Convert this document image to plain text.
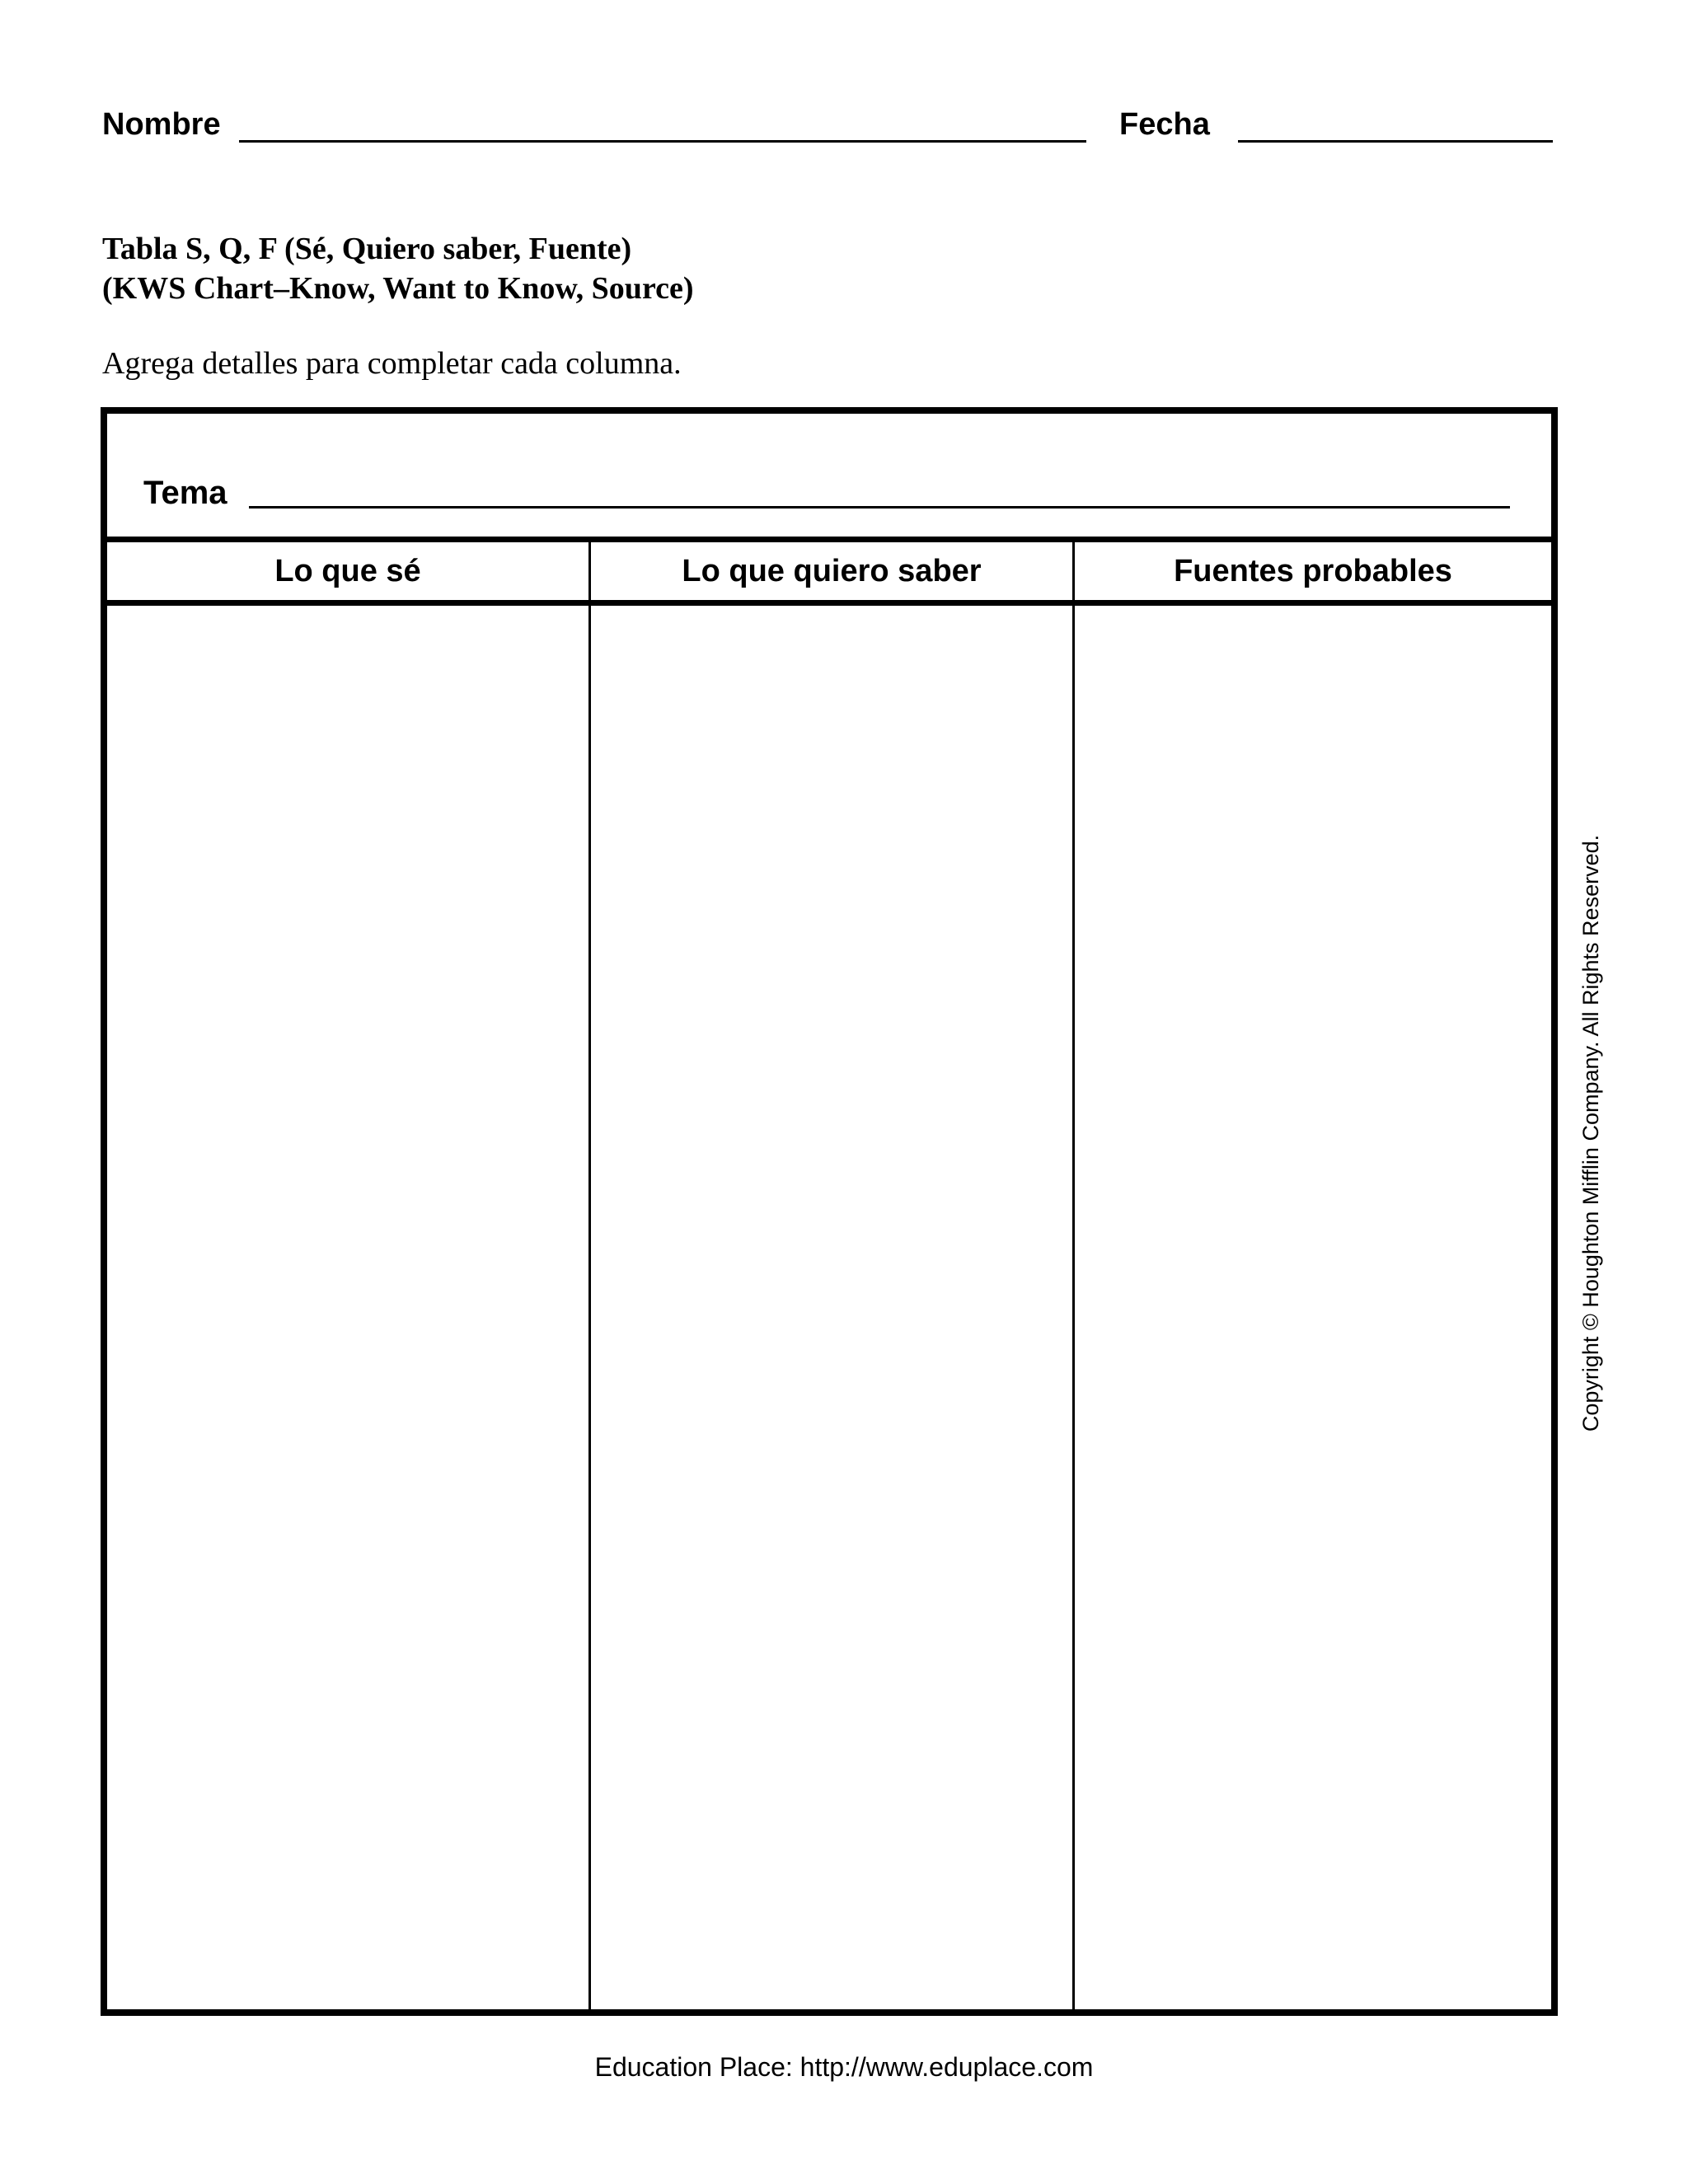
Nombre	Fecha
Tabla S, Q, F (Sé, Quiero saber, Fuente)
(KWS Chart–Know, Want to Know, Source)
Agrega detalles para completar cada columna.
Tema
Lo que sé	Lo que quiero saber	Fuentes probables
Copyright © Houghton Mifflin Company. All Rights Reserved.
Education Place: http://www.eduplace.com
